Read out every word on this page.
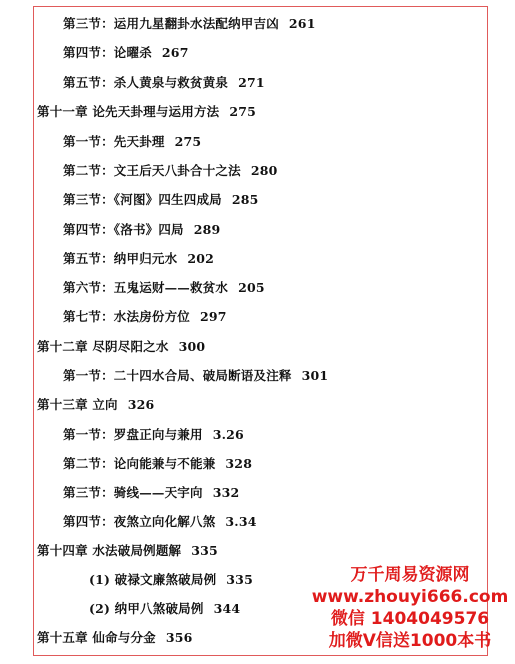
第三节：运用九星翻卦水法配纳甲吉凶 261
第四节：论曜杀 267
第五节：杀人黄泉与救贫黄泉 271
第十一章 论先天卦理与运用方法 275
第一节：先天卦理 275
第二节：文王后天八卦合十之法 280
第三节：《河图》四生四成局 285
第四节：《洛书》四局 289
第五节：纳甲归元水 202
第六节：五鬼运财——救贫水 205
第七节：水法房份方位 297
第十二章 尽阴尽阳之水 300
第一节：二十四水合局、破局断语及注释 301
第十三章 立向 326
第一节：罗盘正向与兼用 3.26
第二节：论向能兼与不能兼 328
第三节：骑线——天宇向 332
第四节：夜煞立向化解八煞 3.34
第十四章 水法破局例题解 335
(1) 破禄文廉煞破局例 335
(2) 纳甲八煞破局例 344
第十五章 仙命与分金 356
万千周易资源网
www.zhouyi666.com
微信 1404049576
加微V信送1000本书
